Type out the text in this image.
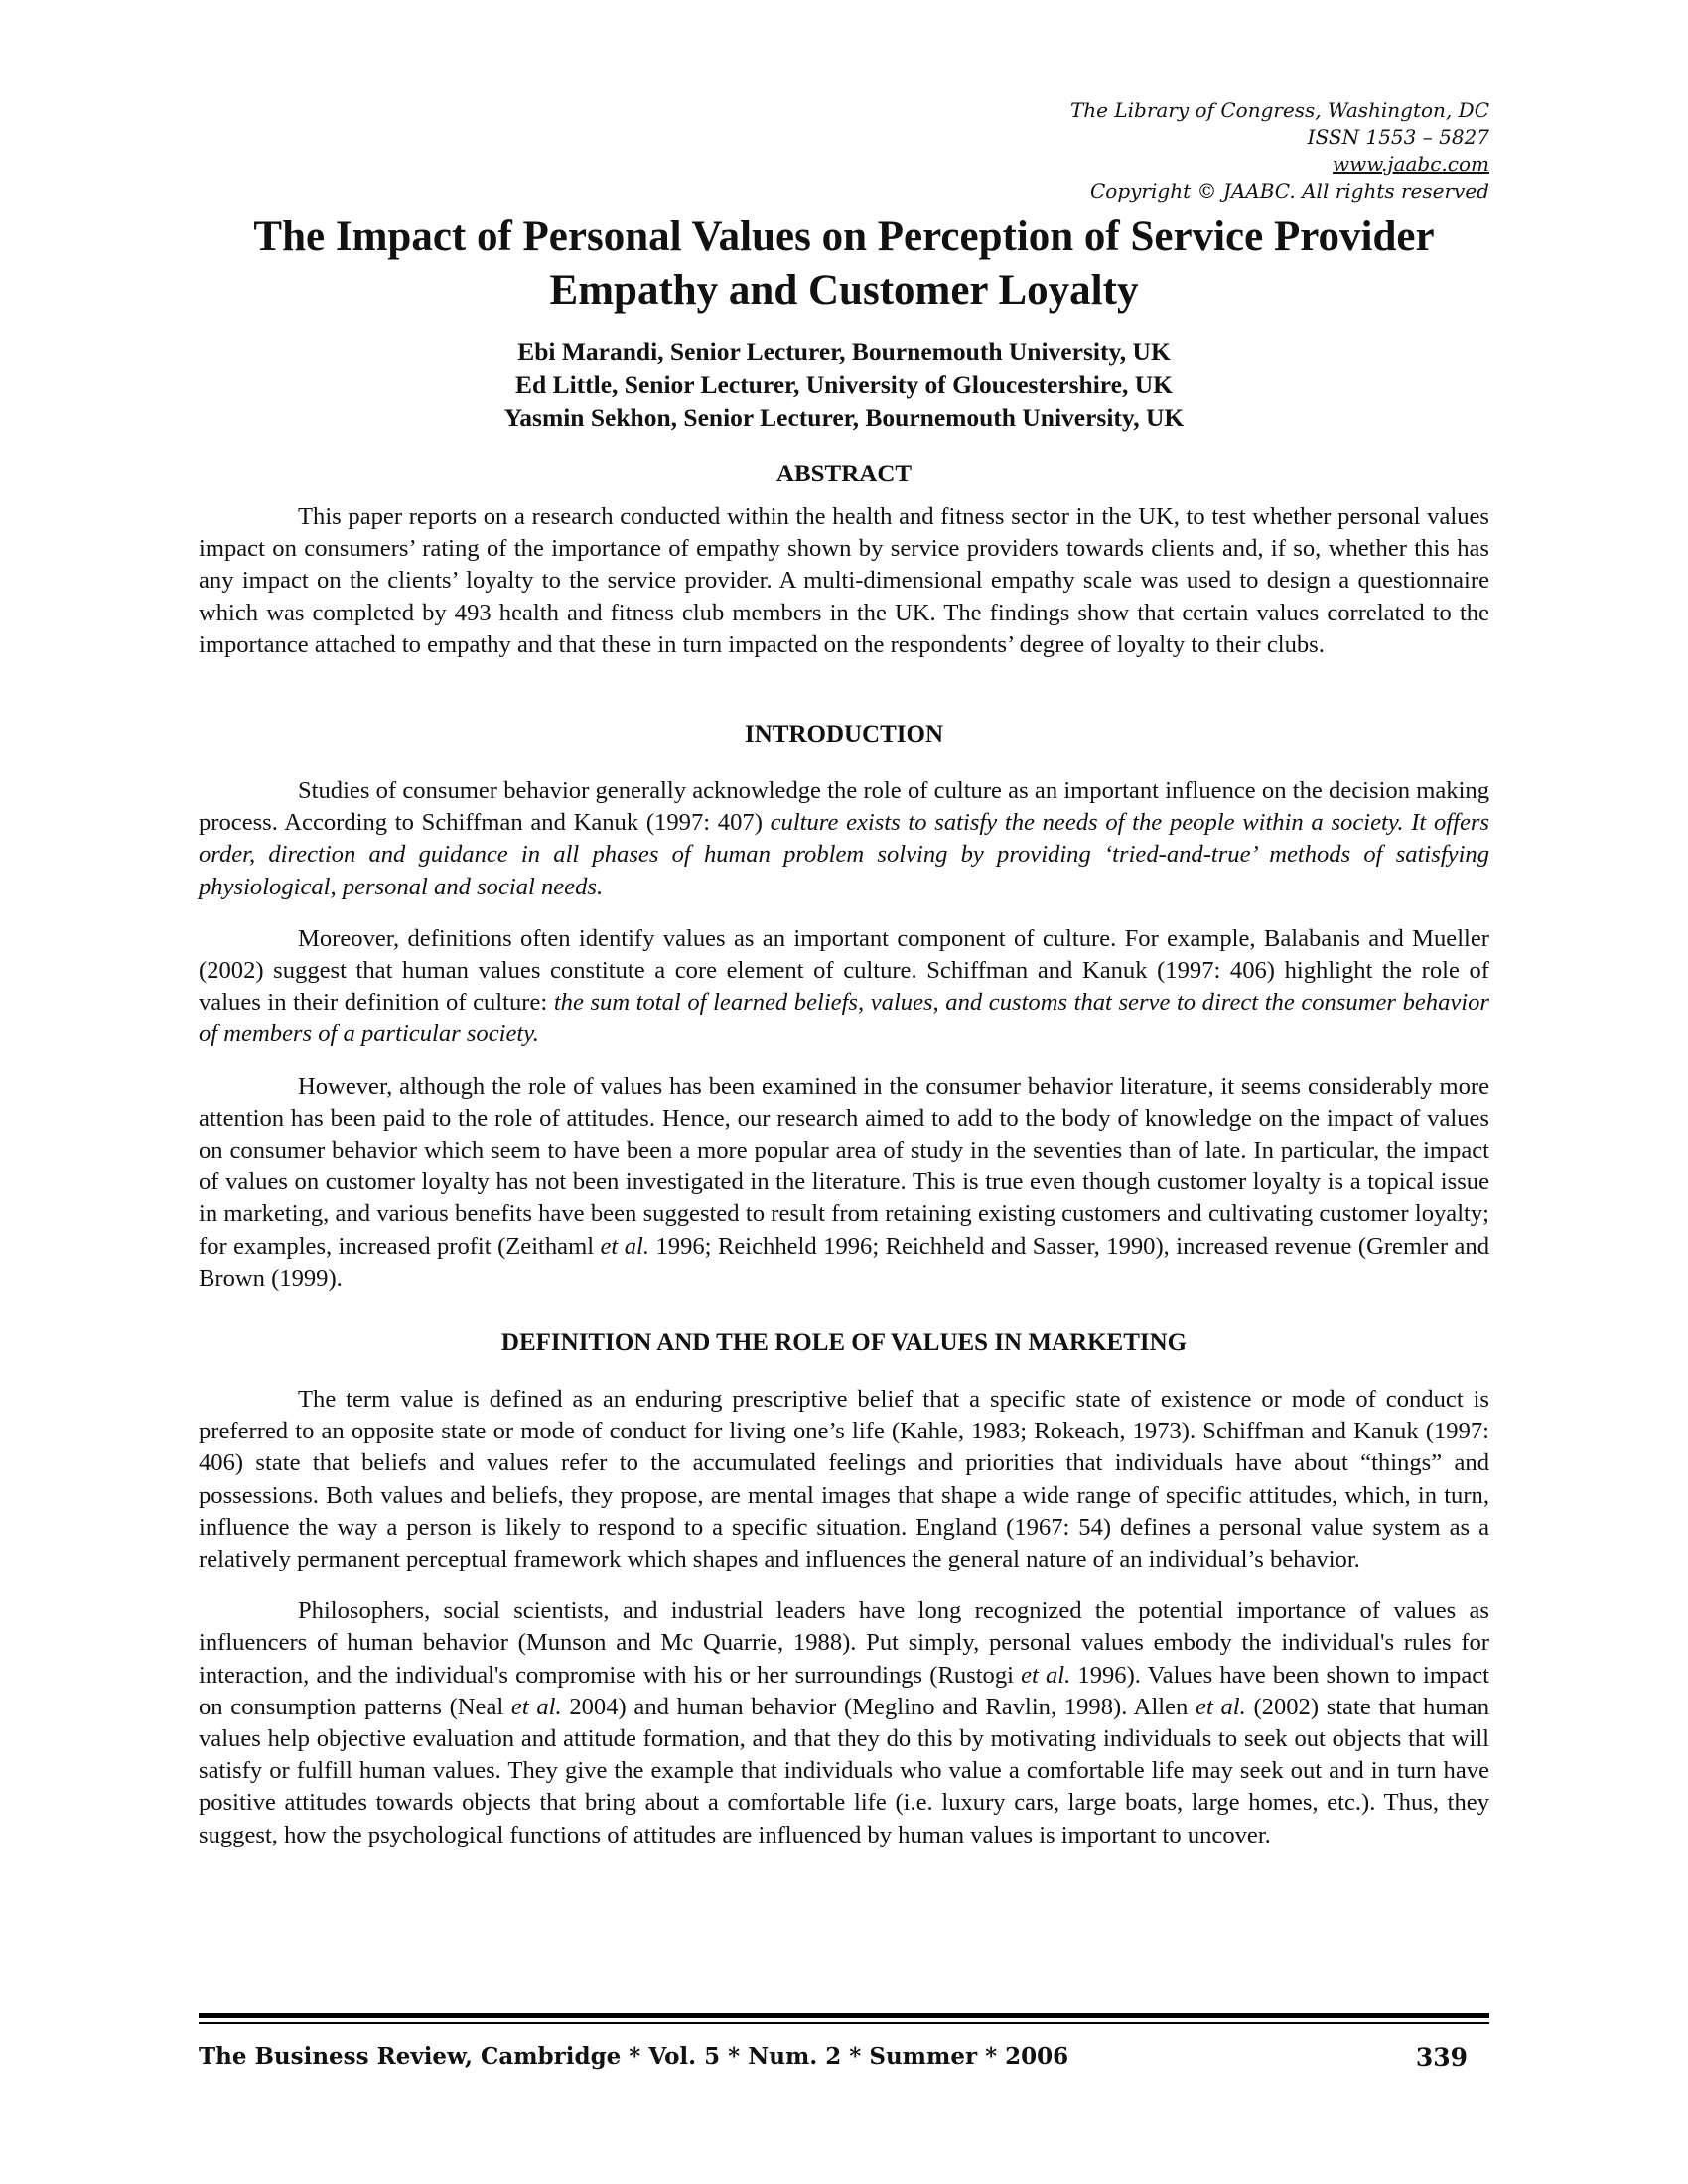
The Library of Congress, Washington, DC
ISSN 1553 – 5827
www.jaabc.com
Copyright © JAABC. All rights reserved
The Impact of Personal Values on Perception of Service Provider
Empathy and Customer Loyalty
Ebi Marandi, Senior Lecturer, Bournemouth University, UK
Ed Little, Senior Lecturer, University of Gloucestershire, UK
Yasmin Sekhon, Senior Lecturer, Bournemouth University, UK
ABSTRACT

This paper reports on a research conducted within the health and fitness sector in the UK, to test whether personal values impact on consumers’ rating of the importance of empathy shown by service providers towards clients and, if so, whether this has any impact on the clients’ loyalty to the service provider. A multi-dimensional empathy scale was used to design a questionnaire which was completed by 493 health and fitness club members in the UK. The findings show that certain values correlated to the importance attached to empathy and that these in turn impacted on the respondents’ degree of loyalty to their clubs.

INTRODUCTION

Studies of consumer behavior generally acknowledge the role of culture as an important influence on the decision making process. According to Schiffman and Kanuk (1997: 407) culture exists to satisfy the needs of the people within a society. It offers order, direction and guidance in all phases of human problem solving by providing ‘tried-and-true’ methods of satisfying physiological, personal and social needs.

Moreover, definitions often identify values as an important component of culture. For example, Balabanis and Mueller (2002) suggest that human values constitute a core element of culture. Schiffman and Kanuk (1997: 406) highlight the role of values in their definition of culture: the sum total of learned beliefs, values, and customs that serve to direct the consumer behavior of members of a particular society.

However, although the role of values has been examined in the consumer behavior literature, it seems considerably more attention has been paid to the role of attitudes. Hence, our research aimed to add to the body of knowledge on the impact of values on consumer behavior which seem to have been a more popular area of study in the seventies than of late. In particular, the impact of values on customer loyalty has not been investigated in the literature. This is true even though customer loyalty is a topical issue in marketing, and various benefits have been suggested to result from retaining existing customers and cultivating customer loyalty; for examples, increased profit (Zeithaml et al. 1996; Reichheld 1996; Reichheld and Sasser, 1990), increased revenue (Gremler and Brown (1999).

DEFINITION AND THE ROLE OF VALUES IN MARKETING

The term value is defined as an enduring prescriptive belief that a specific state of existence or mode of conduct is preferred to an opposite state or mode of conduct for living one’s life (Kahle, 1983; Rokeach, 1973). Schiffman and Kanuk (1997: 406) state that beliefs and values refer to the accumulated feelings and priorities that individuals have about “things” and possessions. Both values and beliefs, they propose, are mental images that shape a wide range of specific attitudes, which, in turn, influence the way a person is likely to respond to a specific situation. England (1967: 54) defines a personal value system as a relatively permanent perceptual framework which shapes and influences the general nature of an individual’s behavior.

Philosophers, social scientists, and industrial leaders have long recognized the potential importance of values as influencers of human behavior (Munson and Mc Quarrie, 1988). Put simply, personal values embody the individual's rules for interaction, and the individual's compromise with his or her surroundings (Rustogi et al. 1996). Values have been shown to impact on consumption patterns (Neal et al. 2004) and human behavior (Meglino and Ravlin, 1998). Allen et al. (2002) state that human values help objective evaluation and attitude formation, and that they do this by motivating individuals to seek out objects that will satisfy or fulfill human values. They give the example that individuals who value a comfortable life may seek out and in turn have positive attitudes towards objects that bring about a comfortable life (i.e. luxury cars, large boats, large homes, etc.). Thus, they suggest, how the psychological functions of attitudes are influenced by human values is important to uncover.

The Business Review, Cambridge * Vol. 5 * Num. 2 * Summer * 2006	339
